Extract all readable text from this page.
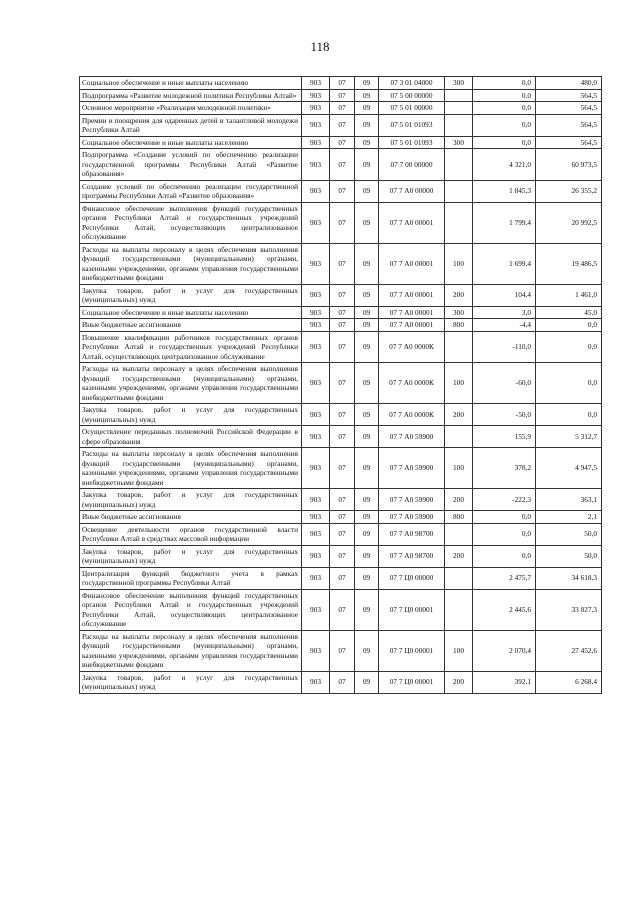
118
Социальное обеспечение и иные выплаты населению	903	07	09	07 3 01 04000	300	0,0	480,0
Подпрограмма «Развитие молодежной политики Республики Алтай»	903	07	09	07 5 00 00000		0,0	564,5
Основное мероприятие «Реализация молодежной политики»	903	07	09	07 5 01 00000		0,0	564,5
Премии и поощрения для одаренных детей и талантливой молодежи Республики Алтай	903	07	09	07 5 01 01093		0,0	564,5
Социальное обеспечение и иные выплаты населению	903	07	09	07 5 01 01093	300	0,0	564,5
Подпрограмма «Создание условий по обеспечению реализации государственной программы Республики Алтай «Развитие образования»	903	07	09	07 7 00 00000		4 321,0	60 973,5
Создание условий по обеспечению реализации государственной программы Республики Алтай «Развитие образования»	903	07	09	07 7 А0 00000		1 845,3	26 355,2
Финансовое обеспечение выполнения функций государственных органов Республики Алтай и государственных учреждений Республики Алтай, осуществляющих централизованное обслуживание	903	07	09	07 7 А0 00001		1 799,4	20 992,5
Расходы на выплаты персоналу в целях обеспечения выполнения функций государственными (муниципальными) органами, казенными учреждениями, органами управления государственными внебюджетными фондами	903	07	09	07 7 А0 00001	100	1 699,4	19 486,5
Закупка товаров, работ и услуг для государственных (муниципальных) нужд	903	07	09	07 7 А0 00001	200	104,4	1 461,0
Социальное обеспечение и иные выплаты населению	903	07	09	07 7 А0 00001	300	3,0	45,0
Иные бюджетные ассигнования	903	07	09	07 7 А0 00001	800	-4,4	0,0
Повышение квалификации работников государственных органов Республики Алтай и государственных учреждений Республики Алтай, осуществляющих централизованное обслуживание	903	07	09	07 7 А0 0000К		-110,0	0,0
Расходы на выплаты персоналу в целях обеспечения выполнения функций государственными (муниципальными) органами, казенными учреждениями, органами управления государственными внебюджетными фондами	903	07	09	07 7 А0 0000К	100	-60,0	0,0
Закупка товаров, работ и услуг для государственных (муниципальных) нужд	903	07	09	07 7 А0 0000К	200	-50,0	0,0
Осуществление переданных полномочий Российской Федерации в сфере образования	903	07	09	07 7 А0 59900		155,9	5 312,7
Расходы на выплаты персоналу в целях обеспечения выполнения функций государственными (муниципальными) органами, казенными учреждениями, органами управления государственными внебюджетными фондами	903	07	09	07 7 А0 59900	100	378,2	4 947,5
Закупка товаров, работ и услуг для государственных (муниципальных) нужд	903	07	09	07 7 А0 59900	200	-222,3	363,1
Иные бюджетные ассигнования	903	07	09	07 7 А0 59900	800	0,0	2,1
Освещение деятельности органов государственной власти Республики Алтай в средствах массовой информации	903	07	09	07 7 А0 98700		0,0	50,0
Закупка товаров, работ и услуг для государственных (муниципальных) нужд	903	07	09	07 7 А0 98700	200	0,0	50,0
Централизация функций бюджетного учета в рамках государственной программы Республики Алтай	903	07	09	07 7 Ц0 00000		2 475,7	34 618,3
Финансовое обеспечение выполнения функций государственных органов Республики Алтай и государственных учреждений Республики Алтай, осуществляющих централизованное обслуживание	903	07	09	07 7 Ц0 00001		2 445,6	33 827,3
Расходы на выплаты персоналу в целях обеспечения выполнения функций государственными (муниципальными) органами, казенными учреждениями, органами управления государственными внебюджетными фондами	903	07	09	07 7 Ц0 00001	100	2 070,4	27 452,6
Закупка товаров, работ и услуг для государственных (муниципальных) нужд	903	07	09	07 7 Ц0 00001	200	392,1	6 268,4
